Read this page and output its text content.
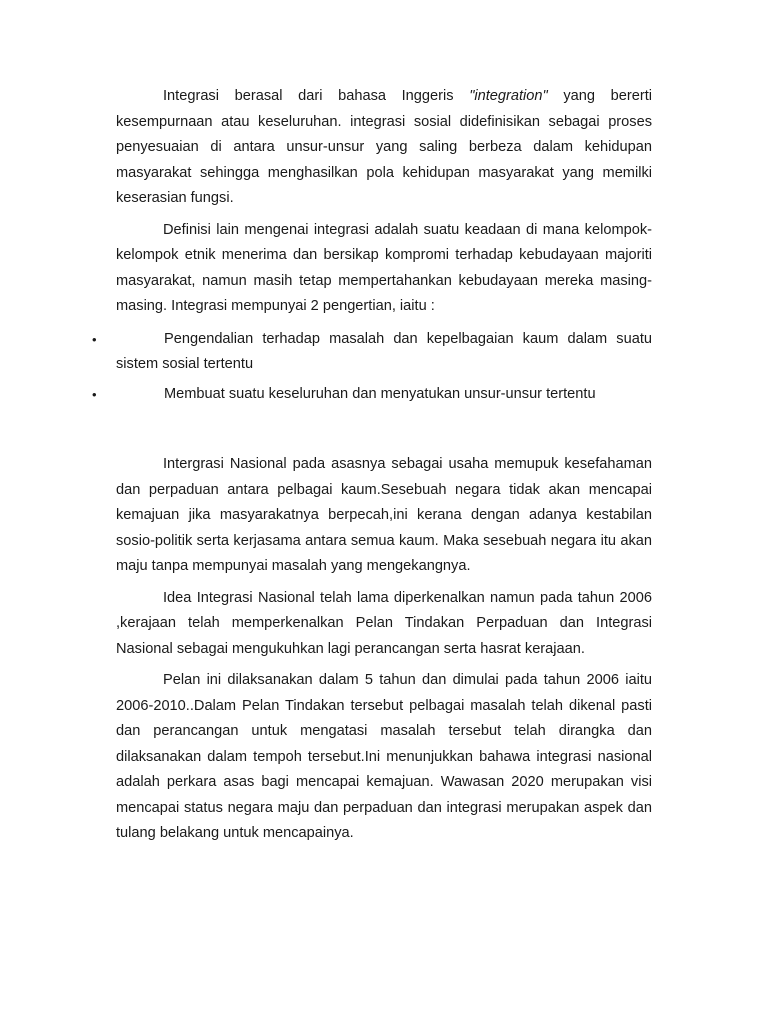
Integrasi berasal dari bahasa Inggeris "integration" yang bererti kesempurnaan atau keseluruhan. integrasi sosial didefinisikan sebagai proses penyesuaian di antara unsur-unsur yang saling berbeza dalam kehidupan masyarakat sehingga menghasilkan pola kehidupan masyarakat yang memilki keserasian fungsi.

Definisi lain mengenai integrasi adalah suatu keadaan di mana kelompok-kelompok etnik menerima dan bersikap kompromi terhadap kebudayaan majoriti masyarakat, namun masih tetap mempertahankan kebudayaan mereka masing-masing. Integrasi mempunyai 2 pengertian, iaitu :

•	Pengendalian terhadap masalah dan kepelbagaian kaum dalam suatu sistem sosial tertentu
•	Membuat suatu keseluruhan dan menyatukan unsur-unsur tertentu

Intergrasi Nasional pada asasnya sebagai usaha memupuk kesefahaman dan perpaduan antara pelbagai kaum.Sesebuah negara tidak akan mencapai kemajuan jika masyarakatnya berpecah,ini kerana dengan adanya kestabilan sosio-politik serta kerjasama antara semua kaum. Maka sesebuah negara itu akan maju tanpa mempunyai masalah yang mengekangnya.

Idea Integrasi Nasional telah lama diperkenalkan namun pada tahun 2006 ,kerajaan telah memperkenalkan Pelan Tindakan Perpaduan dan Integrasi Nasional sebagai mengukuhkan lagi perancangan serta hasrat kerajaan.

Pelan ini dilaksanakan dalam 5 tahun dan dimulai pada tahun 2006 iaitu 2006-2010..Dalam Pelan Tindakan tersebut pelbagai masalah telah dikenal pasti dan perancangan untuk mengatasi masalah tersebut telah dirangka dan dilaksanakan dalam tempoh tersebut.Ini menunjukkan bahawa integrasi nasional adalah perkara asas bagi mencapai kemajuan. Wawasan 2020 merupakan visi mencapai status negara maju dan perpaduan dan integrasi merupakan aspek dan tulang belakang untuk mencapainya.
